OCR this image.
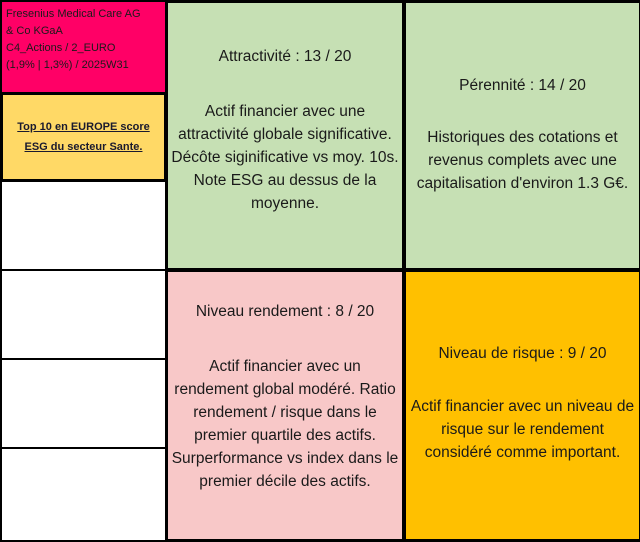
Fresenius Medical Care AG
& Co KGaA
C4_Actions / 2_EURO
(1,9% | 1,3%) / 2025W31
Top 10 en EUROPE score
ESG du secteur Sante.
Attractivité : 13 / 20
Actif financier avec une
attractivité globale significative.
Décôte siginificative vs moy. 10s.
Note ESG au dessus de la
moyenne.
Pérennité : 14 / 20
Historiques des cotations et
revenus complets avec une
capitalisation d'environ 1.3 G€.
Niveau rendement : 8 / 20
Actif financier avec un
rendement global modéré. Ratio
rendement / risque dans le
premier quartile des actifs.
Surperformance vs index dans le
premier décile des actifs.
Niveau de risque : 9 / 20
Actif financier avec un niveau de
risque sur le rendement
considéré comme important.
